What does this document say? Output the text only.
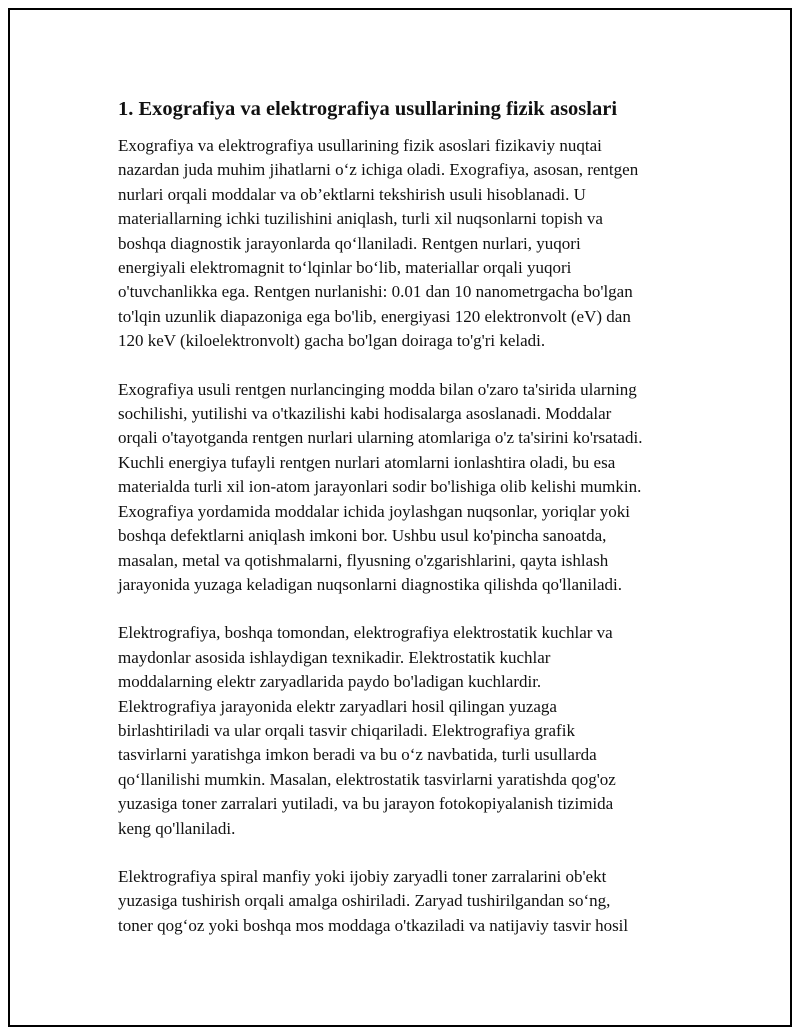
1. Exografiya va elektrografiya usullarining fizik asoslari

Exografiya va elektrografiya usullarining fizik asoslari fizikaviy nuqtai
nazardan juda muhim jihatlarni o‘z ichiga oladi. Exografiya, asosan, rentgen
nurlari orqali moddalar va ob’ektlarni tekshirish usuli hisoblanadi. U
materiallarning ichki tuzilishini aniqlash, turli xil nuqsonlarni topish va
boshqa diagnostik jarayonlarda qo‘llaniladi. Rentgen nurlari, yuqori
energiyali elektromagnit to‘lqinlar bo‘lib, materiallar orqali yuqori
o'tuvchanlikka ega. Rentgen nurlanishi: 0.01 dan 10 nanometrgacha bo'lgan
to'lqin uzunlik diapazoniga ega bo'lib, energiyasi 120 elektronvolt (eV) dan
120 keV (kiloelektronvolt) gacha bo'lgan doiraga to'g'ri keladi.

Exografiya usuli rentgen nurlancinging modda bilan o'zaro ta'sirida ularning
sochilishi, yutilishi va o'tkazilishi kabi hodisalarga asoslanadi. Moddalar
orqali o'tayotganda rentgen nurlari ularning atomlariga o'z ta'sirini ko'rsatadi.
Kuchli energiya tufayli rentgen nurlari atomlarni ionlashtira oladi, bu esa
materialda turli xil ion-atom jarayonlari sodir bo'lishiga olib kelishi mumkin.
Exografiya yordamida moddalar ichida joylashgan nuqsonlar, yoriqlar yoki
boshqa defektlarni aniqlash imkoni bor. Ushbu usul ko'pincha sanoatda,
masalan, metal va qotishmalarni, flyusning o'zgarishlarini, qayta ishlash
jarayonida yuzaga keladigan nuqsonlarni diagnostika qilishda qo'llaniladi.

Elektrografiya, boshqa tomondan, elektrografiya elektrostatik kuchlar va
maydonlar asosida ishlaydigan texnikadir. Elektrostatik kuchlar
moddalarning elektr zaryadlarida paydo bo'ladigan kuchlardir.
Elektrografiya jarayonida elektr zaryadlari hosil qilingan yuzaga
birlashtiriladi va ular orqali tasvir chiqariladi. Elektrografiya grafik
tasvirlarni yaratishga imkon beradi va bu o‘z navbatida, turli usullarda
qo‘llanilishi mumkin. Masalan, elektrostatik tasvirlarni yaratishda qog'oz
yuzasiga toner zarralari yutiladi, va bu jarayon fotokopiyalanish tizimida
keng qo'llaniladi.

Elektrografiya spiral manfiy yoki ijobiy zaryadli toner zarralarini ob'ekt
yuzasiga tushirish orqali amalga oshiriladi. Zaryad tushirilgandan so‘ng,
toner qog‘oz yoki boshqa mos moddaga o'tkaziladi va natijaviy tasvir hosil
